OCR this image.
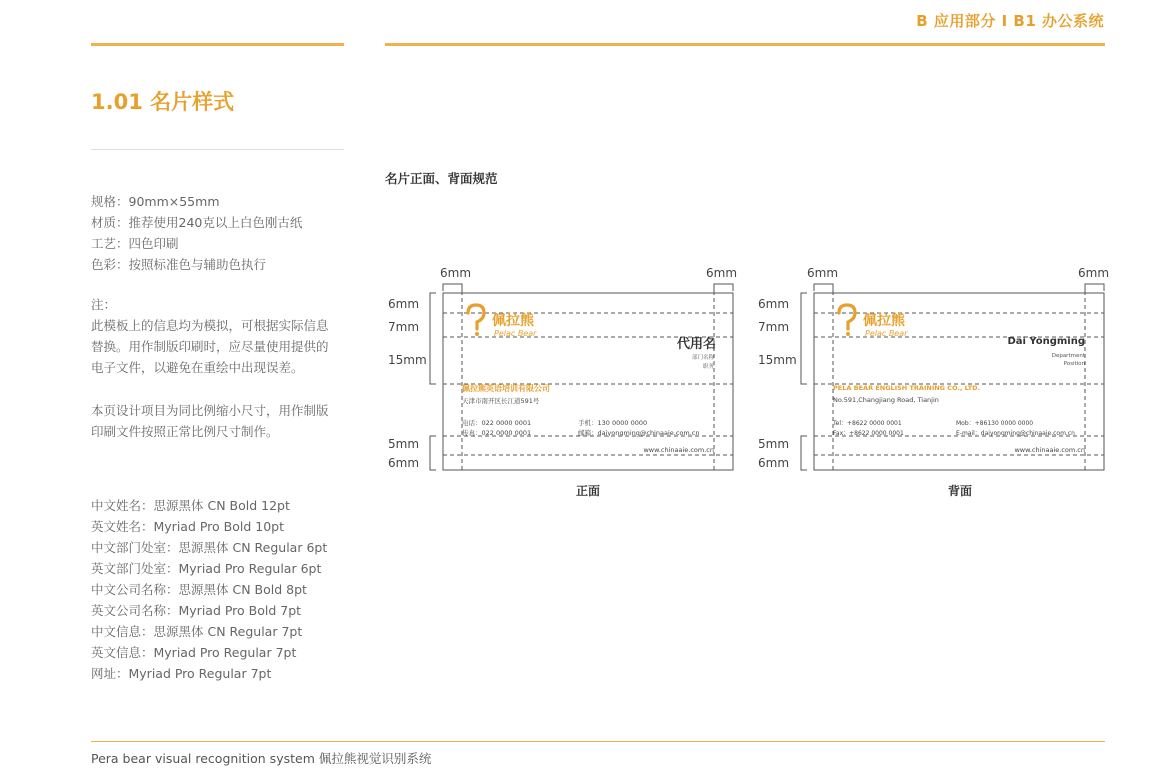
B 应用部分 I B1 办公系统
1.01 名片样式
规格：90mm×55mm
材质：推荐使用240克以上白色刚古纸
工艺：四色印刷
色彩：按照标准色与辅助色执行
注：
此模板上的信息均为模拟，可根据实际信息
替换。用作制版印刷时，应尽量使用提供的
电子文件，以避免在重绘中出现误差。
本页设计项目为同比例缩小尺寸，用作制版
印刷文件按照正常比例尺寸制作。
中文姓名：思源黑体 CN Bold 12pt
英文姓名：Myriad Pro Bold 10pt
中文部门处室：思源黑体 CN Regular 6pt
英文部门处室：Myriad Pro Regular 6pt
中文公司名称：思源黑体 CN Bold 8pt
英文公司名称：Myriad Pro Bold 7pt
中文信息：思源黑体 CN Regular 7pt
英文信息：Myriad Pro Regular 7pt
网址：Myriad Pro Regular 7pt
名片正面、背面规范
6mm	6mm
6mm
7mm
15mm
5mm
6mm
佩拉熊
Pelac Bear
代用名
部门名称
职务
佩拉熊英语培训有限公司
天津市南开区长江道591号
电话：022 0000 0001
传真：022 0000 0001
手机：130 0000 0000
邮箱：daiyongming@chinaaie.com.cn
www.chinaaie.com.cn
正面
6mm	6mm
6mm
7mm
15mm
5mm
6mm
佩拉熊
Pelac Bear
Dai Yongming
Department
Position
PELA BEAR ENGLISH TRAINING CO., LTD.
No.591,Changjiang Road, Tianjin
Tel：+8622 0000 0001
Fax：+8622 0000 0001
Mob：+86130 0000 0000
E-mail：daiyongming@chinaaie.com.cn
www.chinaaie.com.cn
背面
Pera bear visual recognition system 佩拉熊视觉识别系统
